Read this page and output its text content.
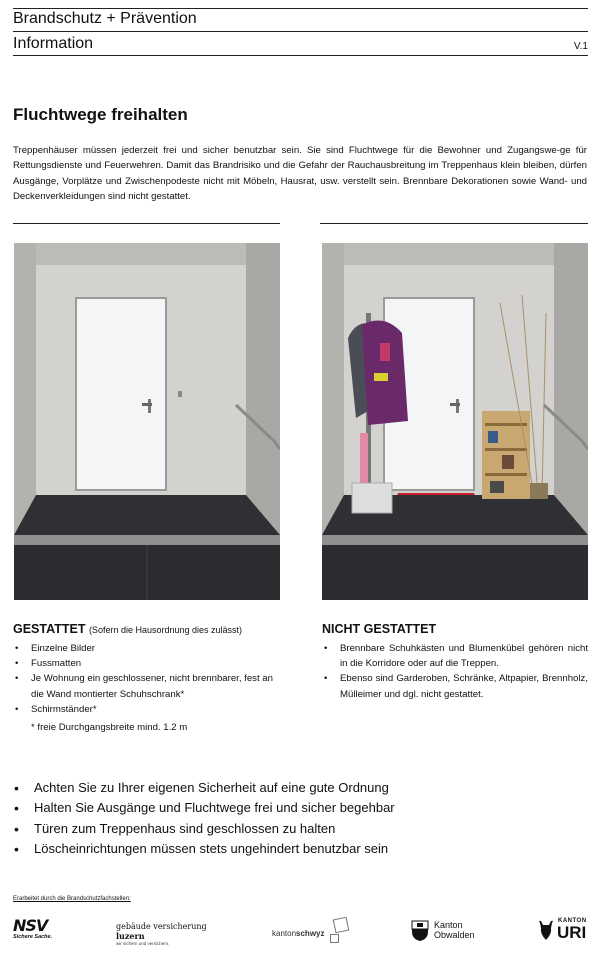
Brandschutz + Prävention
Information	V.1
Fluchtwege freihalten
Treppenhäuser müssen jederzeit frei und sicher benutzbar sein. Sie sind Fluchtwege für die Bewohner und Zugangswe-ge für Rettungsdienste und Feuerwehren. Damit das Brandrisiko und die Gefahr der Rauchausbreitung im Treppenhaus klein bleiben, dürfen Ausgänge, Vorplätze und Zwischenpodeste nicht mit Möbeln, Hausrat, usw. verstellt sein. Brennbare Dekorationen sowie Wand- und Deckenverkleidungen sind nicht gestattet.
GESTATTET (Sofern die Hausordnung dies zulässt)
• Einzelne Bilder
• Fussmatten
• Je Wohnung ein geschlossener, nicht brennbarer, fest an die Wand montierter Schuhschrank*
• Schirmständer*
* freie Durchgangsbreite mind. 1.2 m
NICHT GESTATTET
• Brennbare Schuhkästen und Blumenkübel gehören nicht in die Korridore oder auf die Treppen.
• Ebenso sind Garderoben, Schränke, Altpapier, Brennholz, Mülleimer und dgl. nicht gestattet.
• Achten Sie zu Ihrer eigenen Sicherheit auf eine gute Ordnung
• Halten Sie Ausgänge und Fluchtwege frei und sicher begehbar
• Türen zum Treppenhaus sind geschlossen zu halten
• Löscheinrichtungen müssen stets ungehindert benutzbar sein
Erarbeitet durch die Brandschutzfachstellen:
NSV
Sichere Sache.
gebäude versicherung luzern
wir sichern und versichern.
kantonschwyz
Kanton
Obwalden
KANTON
URI
